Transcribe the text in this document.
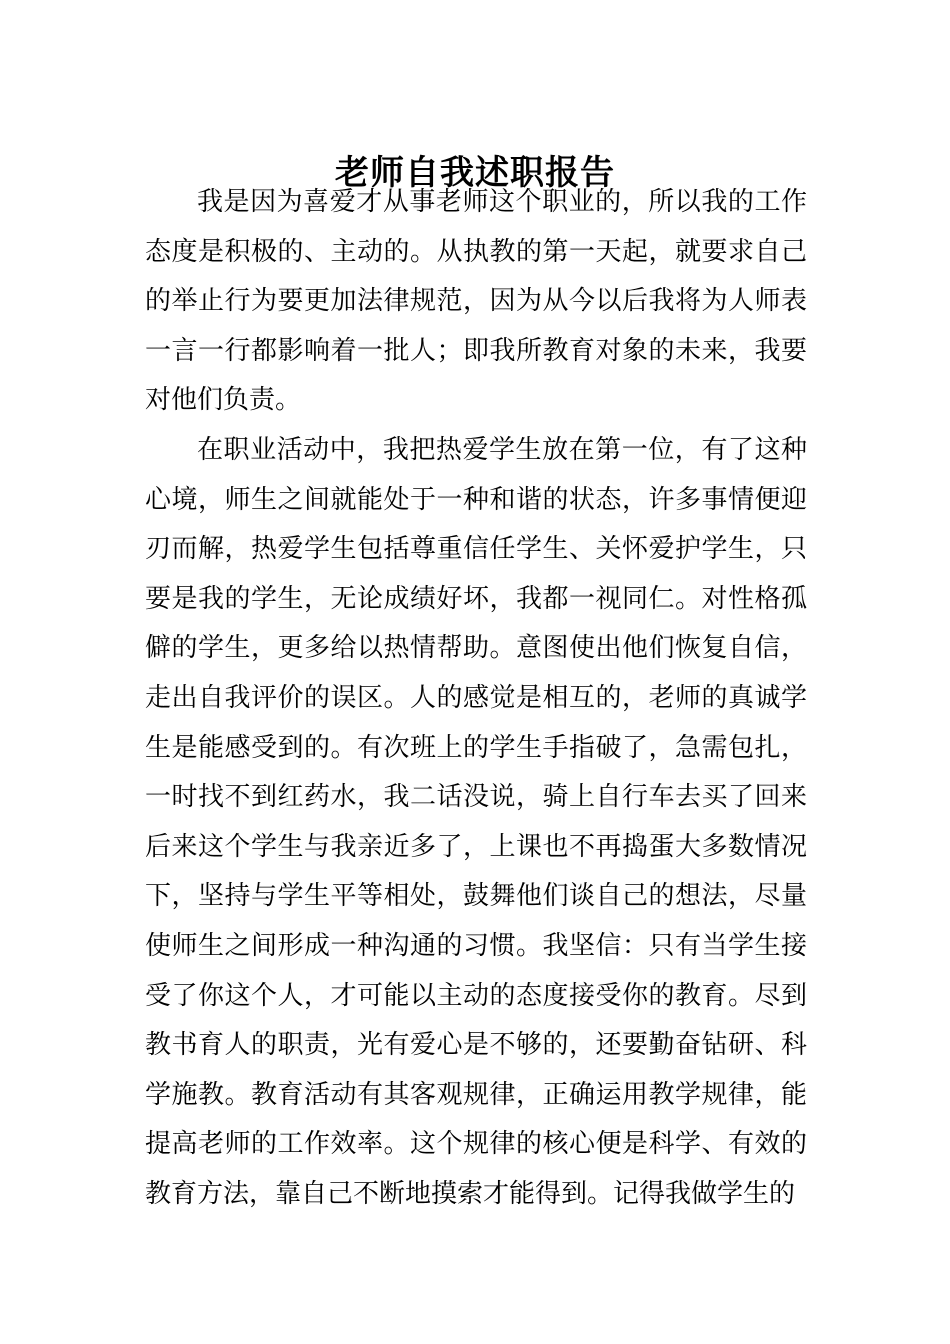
老师自我述职报告

我是因为喜爱才从事老师这个职业的，所以我的工作态度是积极的、主动的。从执教的第一天起，就要求自己的举止行为要更加法律规范，因为从今以后我将为人师表一言一行都影响着一批人；即我所教育对象的未来，我要对他们负责。

在职业活动中，我把热爱学生放在第一位，有了这种心境，师生之间就能处于一种和谐的状态，许多事情便迎刃而解，热爱学生包括尊重信任学生、关怀爱护学生，只要是我的学生，无论成绩好坏，我都一视同仁。对性格孤僻的学生，更多给以热情帮助。意图使出他们恢复自信，走出自我评价的误区。人的感觉是相互的，老师的真诚学生是能感受到的。有次班上的学生手指破了，急需包扎，一时找不到红药水，我二话没说，骑上自行车去买了回来后来这个学生与我亲近多了，上课也不再捣蛋大多数情况下，坚持与学生平等相处，鼓舞他们谈自己的想法，尽量使师生之间形成一种沟通的习惯。我坚信：只有当学生接受了你这个人，才可能以主动的态度接受你的教育。尽到教书育人的职责，光有爱心是不够的，还要勤奋钻研、科学施教。教育活动有其客观规律，正确运用教学规律，能提高老师的工作效率。这个规律的核心便是科学、有效的教育方法，靠自己不断地摸索才能得到。记得我做学生的
